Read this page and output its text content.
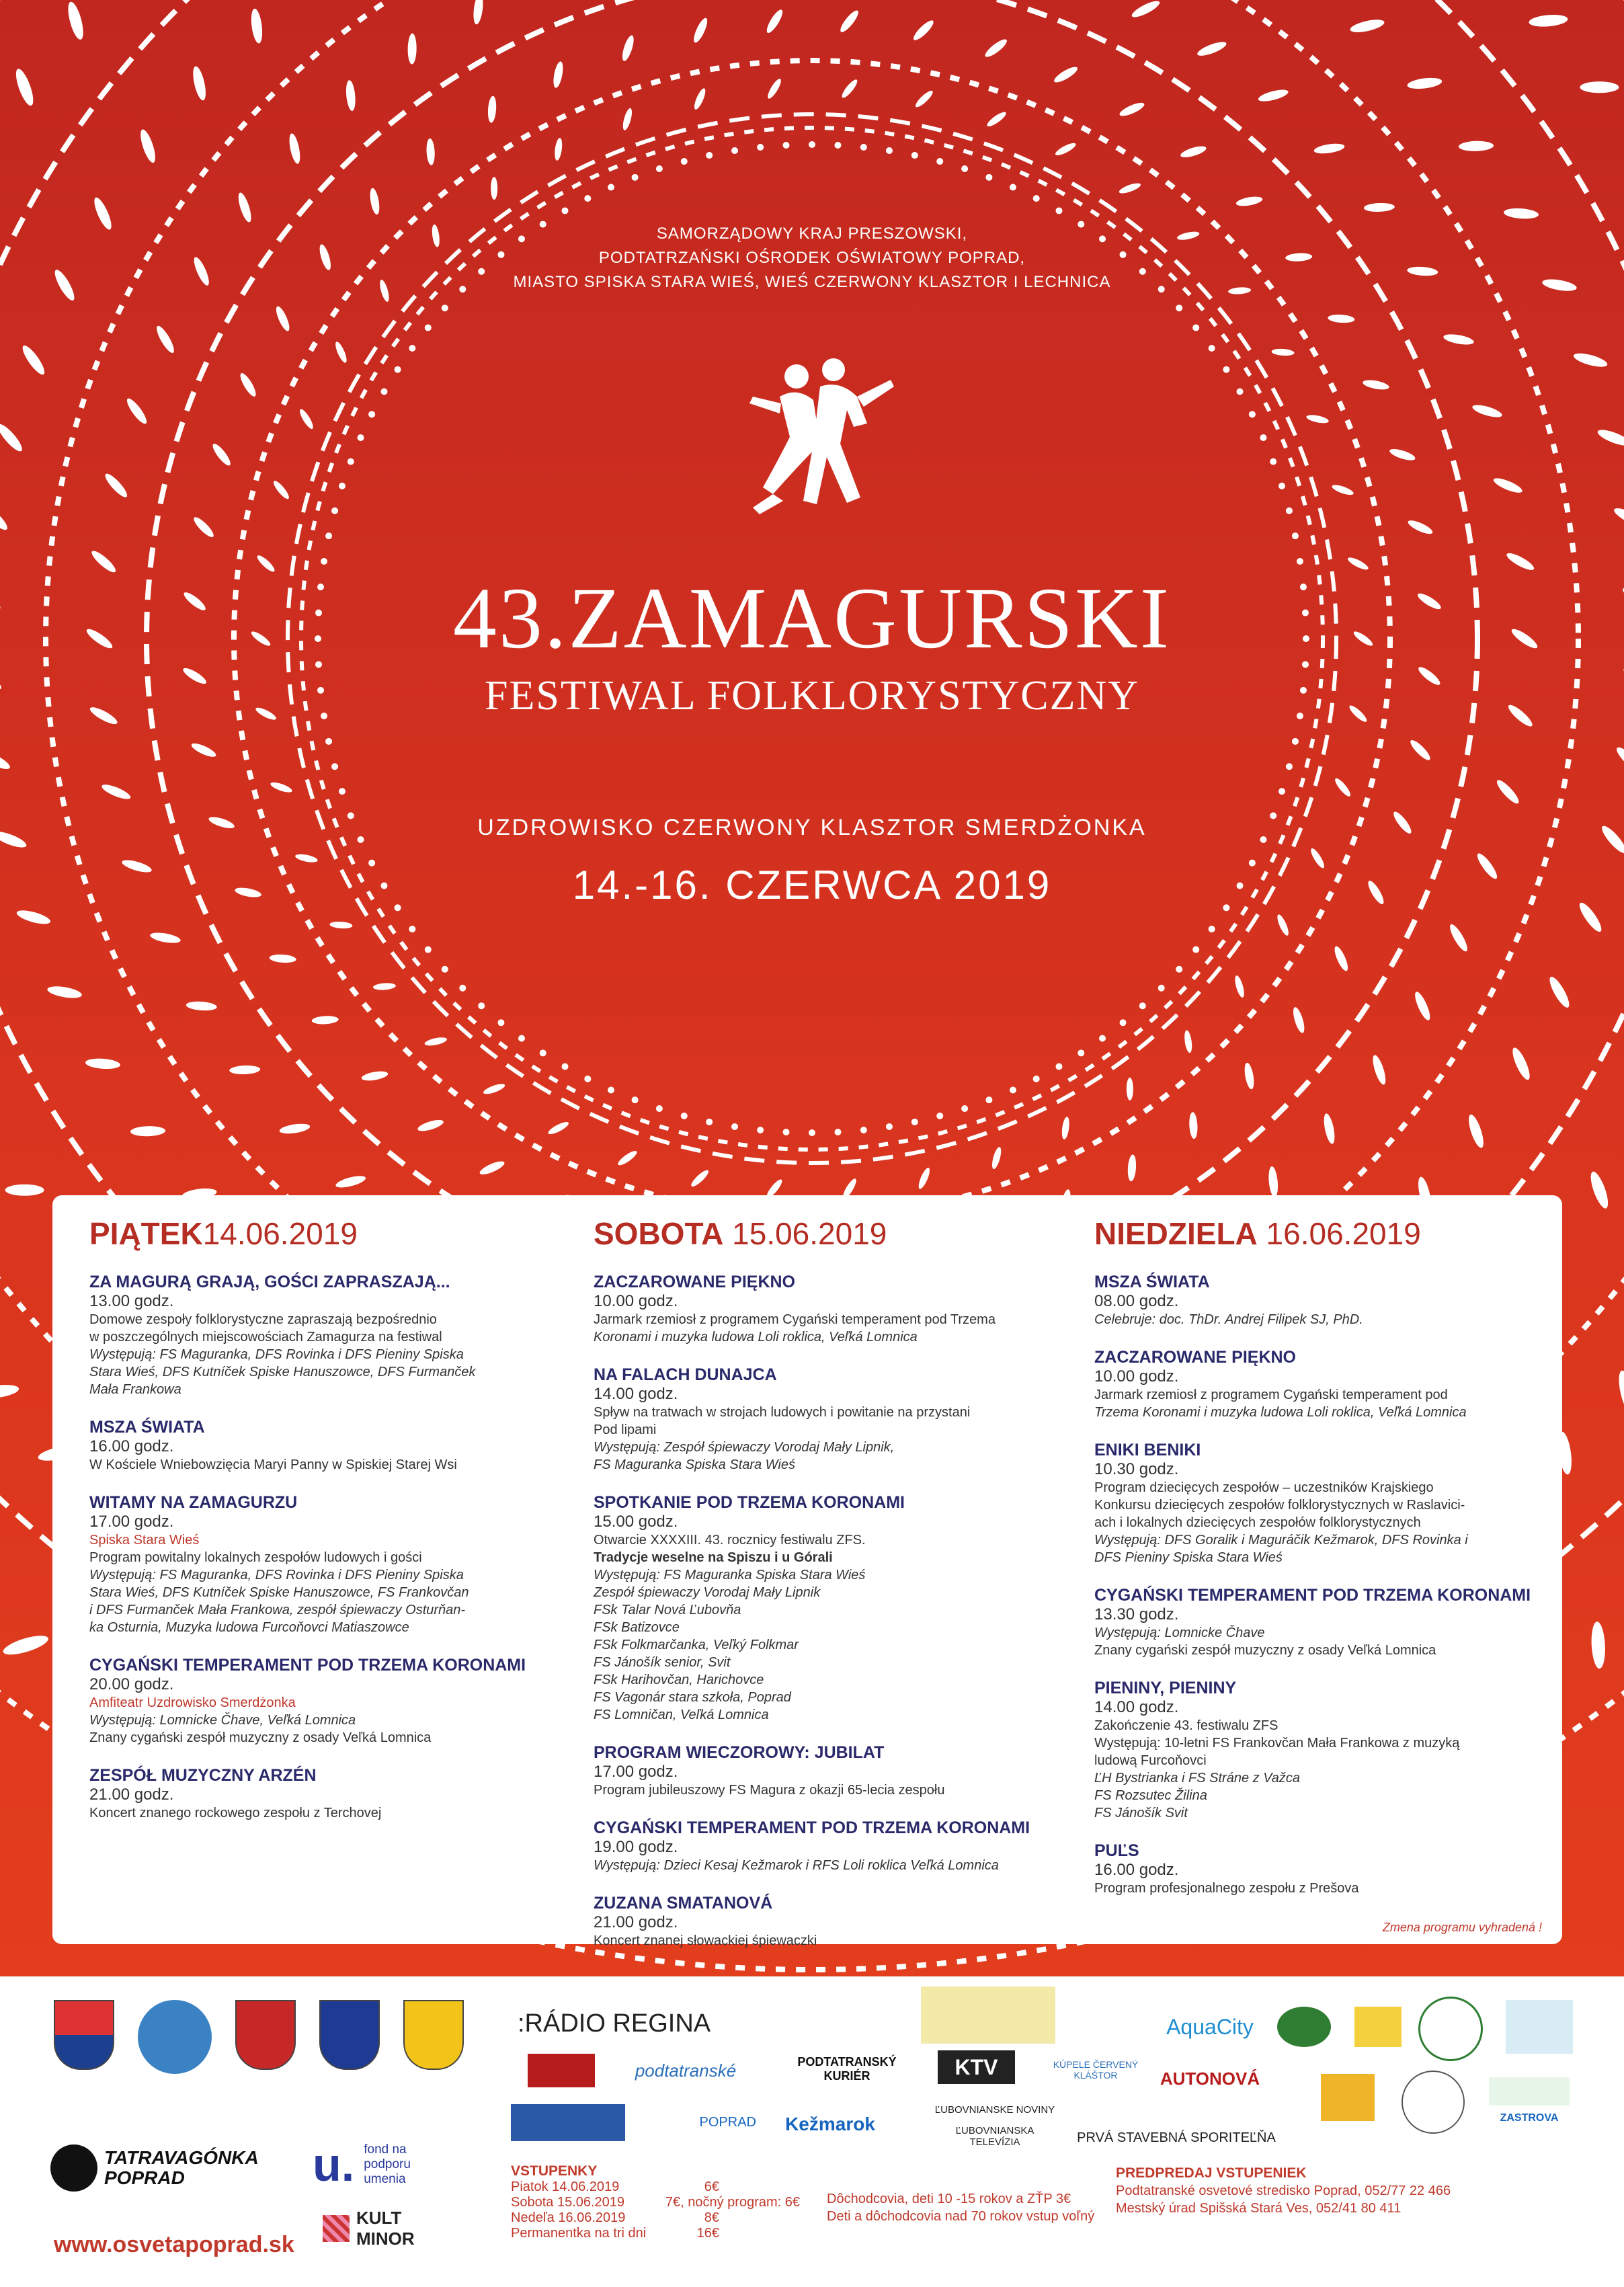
SAMORZĄDOWY KRAJ PRESZOWSKI,
PODTATRZAŃSKI OŚRODEK OŚWIATOWY POPRAD,
MIASTO SPISKA STARA WIEŚ, WIEŚ CZERWONY KLASZTOR I LECHNICA
43.ZAMAGURSKI
FESTIWAL FOLKLORYSTYCZNY
UZDROWISKO CZERWONY KLASZTOR SMERDŻONKA
14.-16. CZERWCA 2019
PIĄTEK14.06.2019
ZA MAGURĄ GRAJĄ, GOŚCI ZAPRASZAJĄ...
13.00 godz.
Domowe zespoły folklorystyczne zapraszają bezpośrednio
w poszczególnych miejscowościach Zamagurza na festiwal
Występują: FS Maguranka, DFS Rovinka i DFS Pieniny Spiska
Stara Wieś, DFS Kutníček Spiske Hanuszowce, DFS Furmanček
Mała Frankowa
MSZA ŚWIATA
16.00 godz.
W Kościele Wniebowzięcia Maryi Panny w Spiskiej Starej Wsi
WITAMY NA ZAMAGURZU
17.00 godz.
Spiska Stara Wieś
Program powitalny lokalnych zespołów ludowych i gości
Występują: FS Maguranka, DFS Rovinka i DFS Pieniny Spiska
Stara Wieś, DFS Kutníček Spiske Hanuszowce, FS Frankovčan
i DFS Furmanček Mała Frankowa, zespół śpiewaczy Osturňan-
ka Osturnia, Muzyka ludowa Furcoňovci Matiaszowce
CYGAŃSKI TEMPERAMENT POD TRZEMA KORONAMI
20.00 godz.
Amfiteatr Uzdrowisko Smerdżonka
Występują: Lomnicke Čhave, Veľká Lomnica
Znany cygański zespół muzyczny z osady Veľká Lomnica
ZESPÓŁ MUZYCZNY ARZÉN
21.00 godz.
Koncert znanego rockowego zespołu z Terchovej
SOBOTA 15.06.2019
ZACZAROWANE PIĘKNO
10.00 godz.
Jarmark rzemiosł z programem Cygański temperament pod Trzema
Koronami i muzyka ludowa Loli roklica, Veľká Lomnica
NA FALACH DUNAJCA
14.00 godz.
Spływ na tratwach w strojach ludowych i powitanie na przystani
Pod lipami
Występują: Zespół śpiewaczy Vorodaj Mały Lipnik,
FS Maguranka Spiska Stara Wieś
SPOTKANIE POD TRZEMA KORONAMI
15.00 godz.
Otwarcie XXXXIII. 43. rocznicy festiwalu ZFS.
Tradycje weselne na Spiszu i u Górali
Występują: FS Maguranka Spiska Stara Wieś
Zespół śpiewaczy Vorodaj Mały Lipnik
FSk Talar Nová Ľubovňa
FSk Batizovce
FSk Folkmarčanka, Veľký Folkmar
FS Jánošík senior, Svit
FSk Harihovčan, Harichovce
FS Vagonár stara szkoła, Poprad
FS Lomničan, Veľká Lomnica
PROGRAM WIECZOROWY: JUBILAT
17.00 godz.
Program jubileuszowy FS Magura z okazji 65-lecia zespołu
CYGAŃSKI TEMPERAMENT POD TRZEMA KORONAMI
19.00 godz.
Występują: Dzieci Kesaj Kežmarok i RFS Loli roklica Veľká Lomnica
ZUZANA SMATANOVÁ
21.00 godz.
Koncert znanej słowackiej śpiewaczki
NIEDZIELA 16.06.2019
MSZA ŚWIATA
08.00 godz.
Celebruje: doc. ThDr. Andrej Filipek SJ, PhD.
ZACZAROWANE PIĘKNO
10.00 godz.
Jarmark rzemiosł z programem Cygański temperament pod
Trzema Koronami i muzyka ludowa Loli roklica, Veľká Lomnica
ENIKI BENIKI
10.30 godz.
Program dziecięcych zespołów – uczestników Krajskiego
Konkursu dziecięcych zespołów folklorystycznych w Raslavici-
ach i lokalnych dziecięcych zespołów folklorystycznych
Występują: DFS Goralik i Maguráčik Kežmarok, DFS Rovinka i
DFS Pieniny Spiska Stara Wieś
CYGAŃSKI TEMPERAMENT POD TRZEMA KORONAMI
13.30 godz.
Występują: Lomnicke Čhave
Znany cygański zespół muzyczny z osady Veľká Lomnica
PIENINY, PIENINY
14.00 godz.
Zakończenie 43. festiwalu ZFS
Występują: 10-letni FS Frankovčan Mała Frankowa z muzyką
ludową Furcoňovci
ĽH Bystrianka i FS Stráne z Važca
FS Rozsutec Žilina
FS Jánošík Svit
PUĽS
16.00 godz.
Program profesjonalnego zespołu z Prešova
Zmena programu vyhradená !
TATRAVAGÓNKA POPRAD	u. fond na podporu umenia
KULT MINOR
:RÁDIO REGINA
podtatranské	PODTATRANSKÝ KURIÉR	KTV
POPRAD	Kežmarok
ĽUBOVNIANSKE NOVINY
ĽUBOVNIANSKA TELEVÍZIA
KÚPELE ČERVENÝ KLÁŠTOR
AquaCity
AUTONOVÁ
ZASTROVA
PRVÁ STAVEBNÁ SPORITEĽŇA
www.osvetapoprad.sk
VSTUPENKY
Piatok 14.06.2019	6€
Sobota 15.06.2019	7€, nočný program: 6€
Nedeľa 16.06.2019	8€
Permanentka na tri dni	16€
Dôchodcovia, deti 10 -15 rokov a ZŤP 3€
Deti a dôchodcovia nad 70 rokov vstup voľný
PREDPREDAJ VSTUPENIEK
Podtatranské osvetové stredisko Poprad, 052/77 22 466
Mestský úrad Spišská Stará Ves, 052/41 80 411
